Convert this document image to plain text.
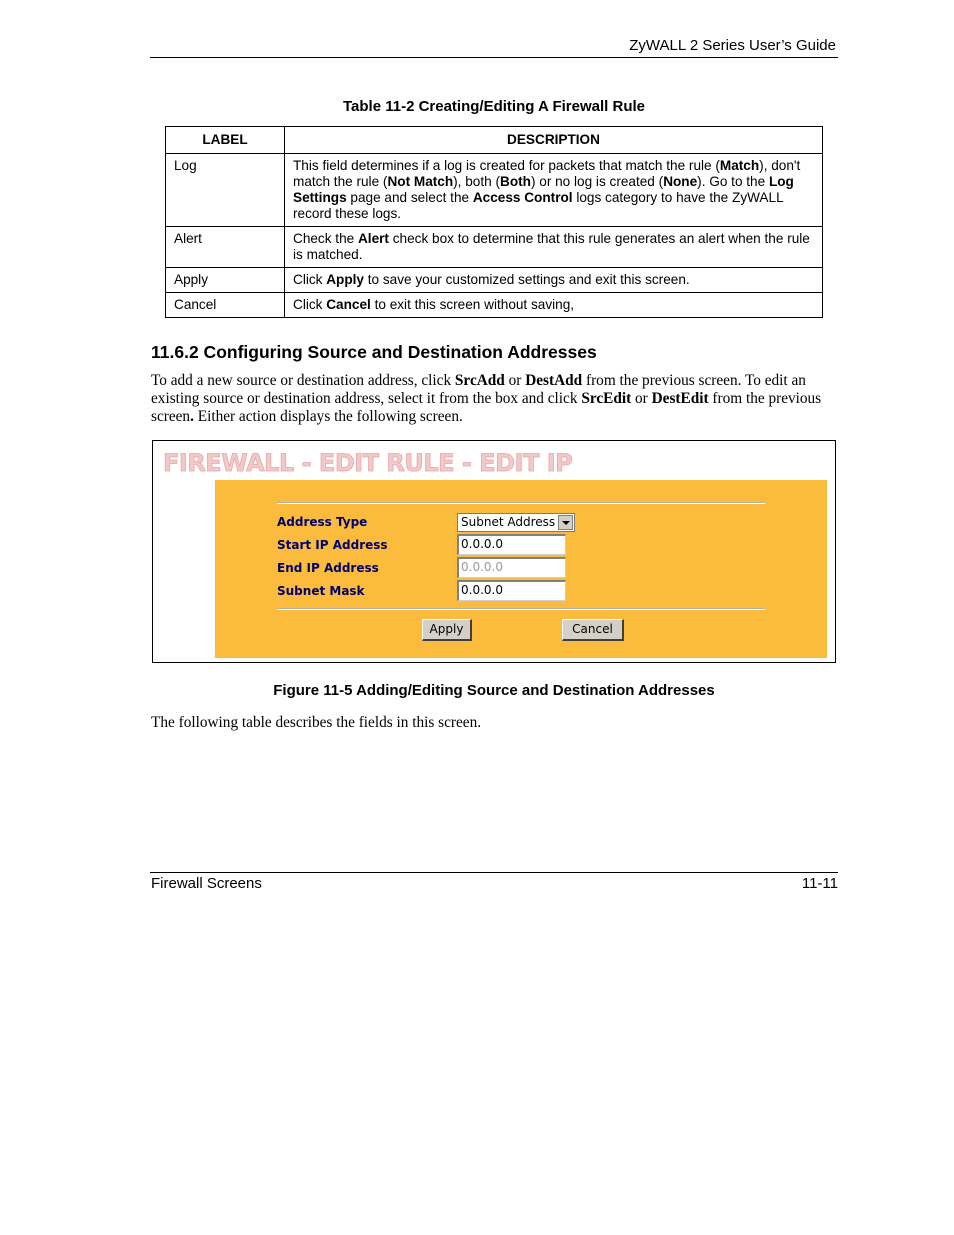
ZyWALL 2 Series User’s Guide
Table 11-2 Creating/Editing A Firewall Rule
LABEL	DESCRIPTION
Log	This field determines if a log is created for packets that match the rule (Match), don't match the rule (Not Match), both (Both) or no log is created (None). Go to the Log Settings page and select the Access Control logs category to have the ZyWALL record these logs.
Alert	Check the Alert check box to determine that this rule generates an alert when the rule is matched.
Apply	Click Apply to save your customized settings and exit this screen.
Cancel	Click Cancel to exit this screen without saving,
11.6.2 Configuring Source and Destination Addresses
To add a new source or destination address, click SrcAdd or DestAdd from the previous screen. To edit an existing source or destination address, select it from the box and click SrcEdit or DestEdit from the previous screen. Either action displays the following screen.
FIREWALL - EDIT RULE - EDIT IP
Address Type	Subnet Address
Start IP Address	0.0.0.0
End IP Address	0.0.0.0
Subnet Mask	0.0.0.0
Apply	Cancel
Figure 11-5 Adding/Editing Source and Destination Addresses
The following table describes the fields in this screen.
Firewall Screens	11-11
